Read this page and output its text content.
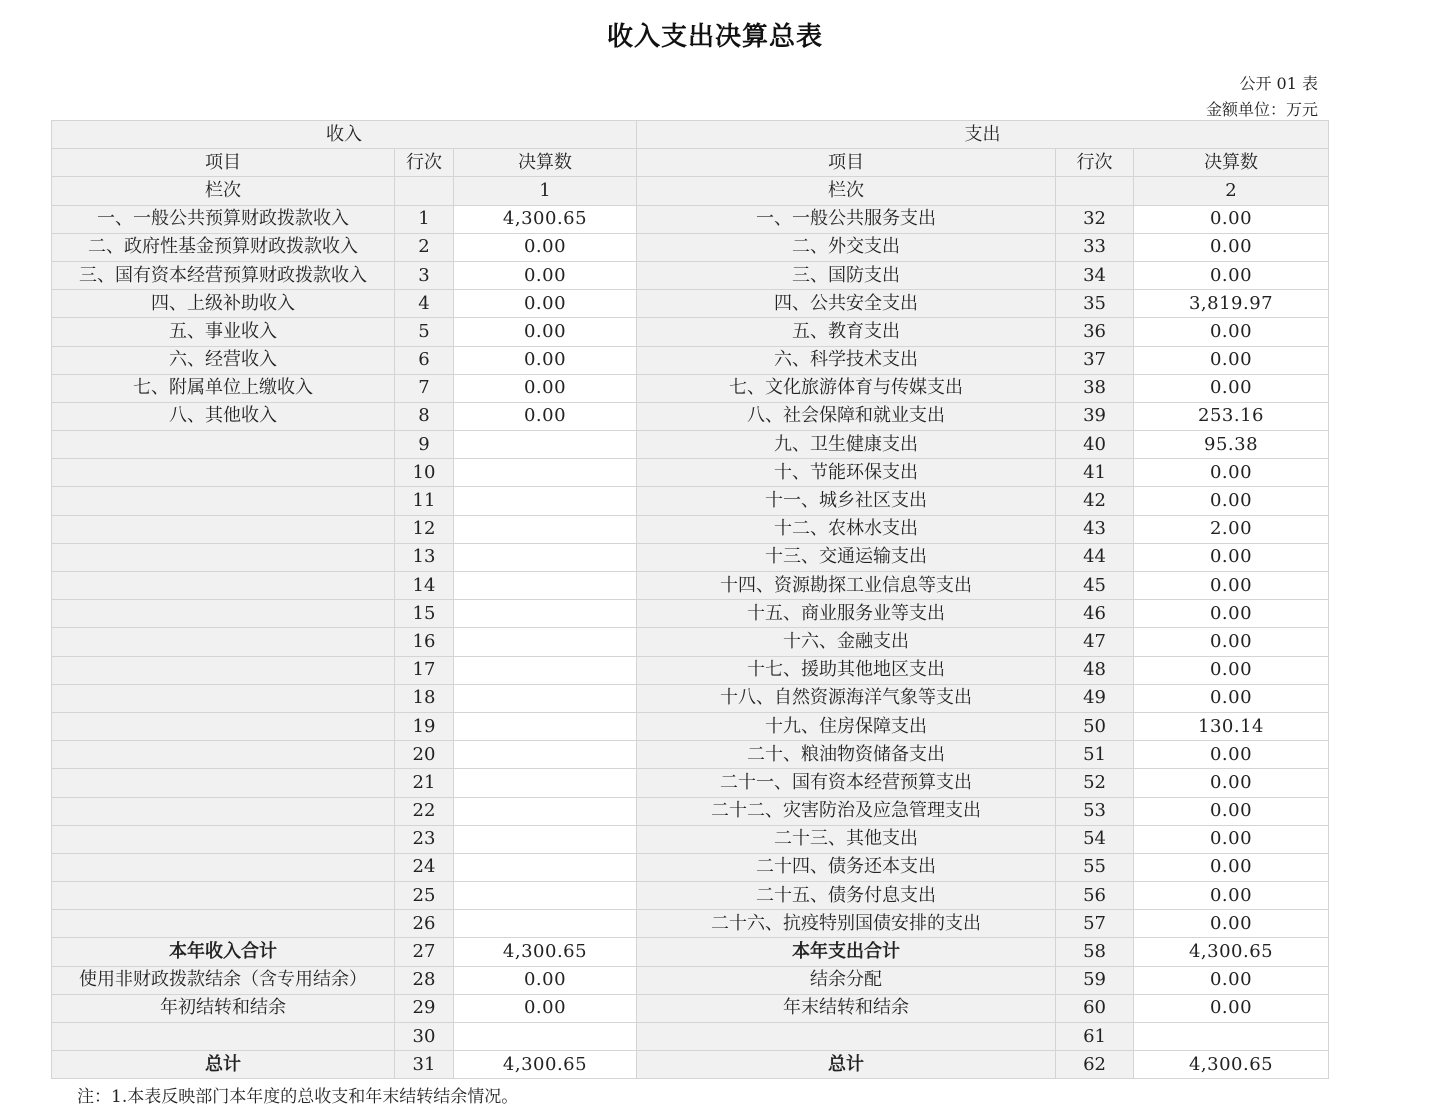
收入支出决算总表
公开 01 表
金额单位：万元
收入			支出		
项目	行次	决算数	项目	行次	决算数
栏次		1	栏次		2
一、一般公共预算财政拨款收入	1	4,300.65	一、一般公共服务支出	32	0.00
二、政府性基金预算财政拨款收入	2	0.00	二、外交支出	33	0.00
三、国有资本经营预算财政拨款收入	3	0.00	三、国防支出	34	0.00
四、上级补助收入	4	0.00	四、公共安全支出	35	3,819.97
五、事业收入	5	0.00	五、教育支出	36	0.00
六、经营收入	6	0.00	六、科学技术支出	37	0.00
七、附属单位上缴收入	7	0.00	七、文化旅游体育与传媒支出	38	0.00
八、其他收入	8	0.00	八、社会保障和就业支出	39	253.16
	9		九、卫生健康支出	40	95.38
	10		十、节能环保支出	41	0.00
	11		十一、城乡社区支出	42	0.00
	12		十二、农林水支出	43	2.00
	13		十三、交通运输支出	44	0.00
	14		十四、资源勘探工业信息等支出	45	0.00
	15		十五、商业服务业等支出	46	0.00
	16		十六、金融支出	47	0.00
	17		十七、援助其他地区支出	48	0.00
	18		十八、自然资源海洋气象等支出	49	0.00
	19		十九、住房保障支出	50	130.14
	20		二十、粮油物资储备支出	51	0.00
	21		二十一、国有资本经营预算支出	52	0.00
	22		二十二、灾害防治及应急管理支出	53	0.00
	23		二十三、其他支出	54	0.00
	24		二十四、债务还本支出	55	0.00
	25		二十五、债务付息支出	56	0.00
	26		二十六、抗疫特别国债安排的支出	57	0.00
本年收入合计	27	4,300.65	本年支出合计	58	4,300.65
使用非财政拨款结余（含专用结余）	28	0.00	结余分配	59	0.00
年初结转和结余	29	0.00	年末结转和结余	60	0.00
	30			61	
总计	31	4,300.65	总计	62	4,300.65
注：1.本表反映部门本年度的总收支和年末结转结余情况。
